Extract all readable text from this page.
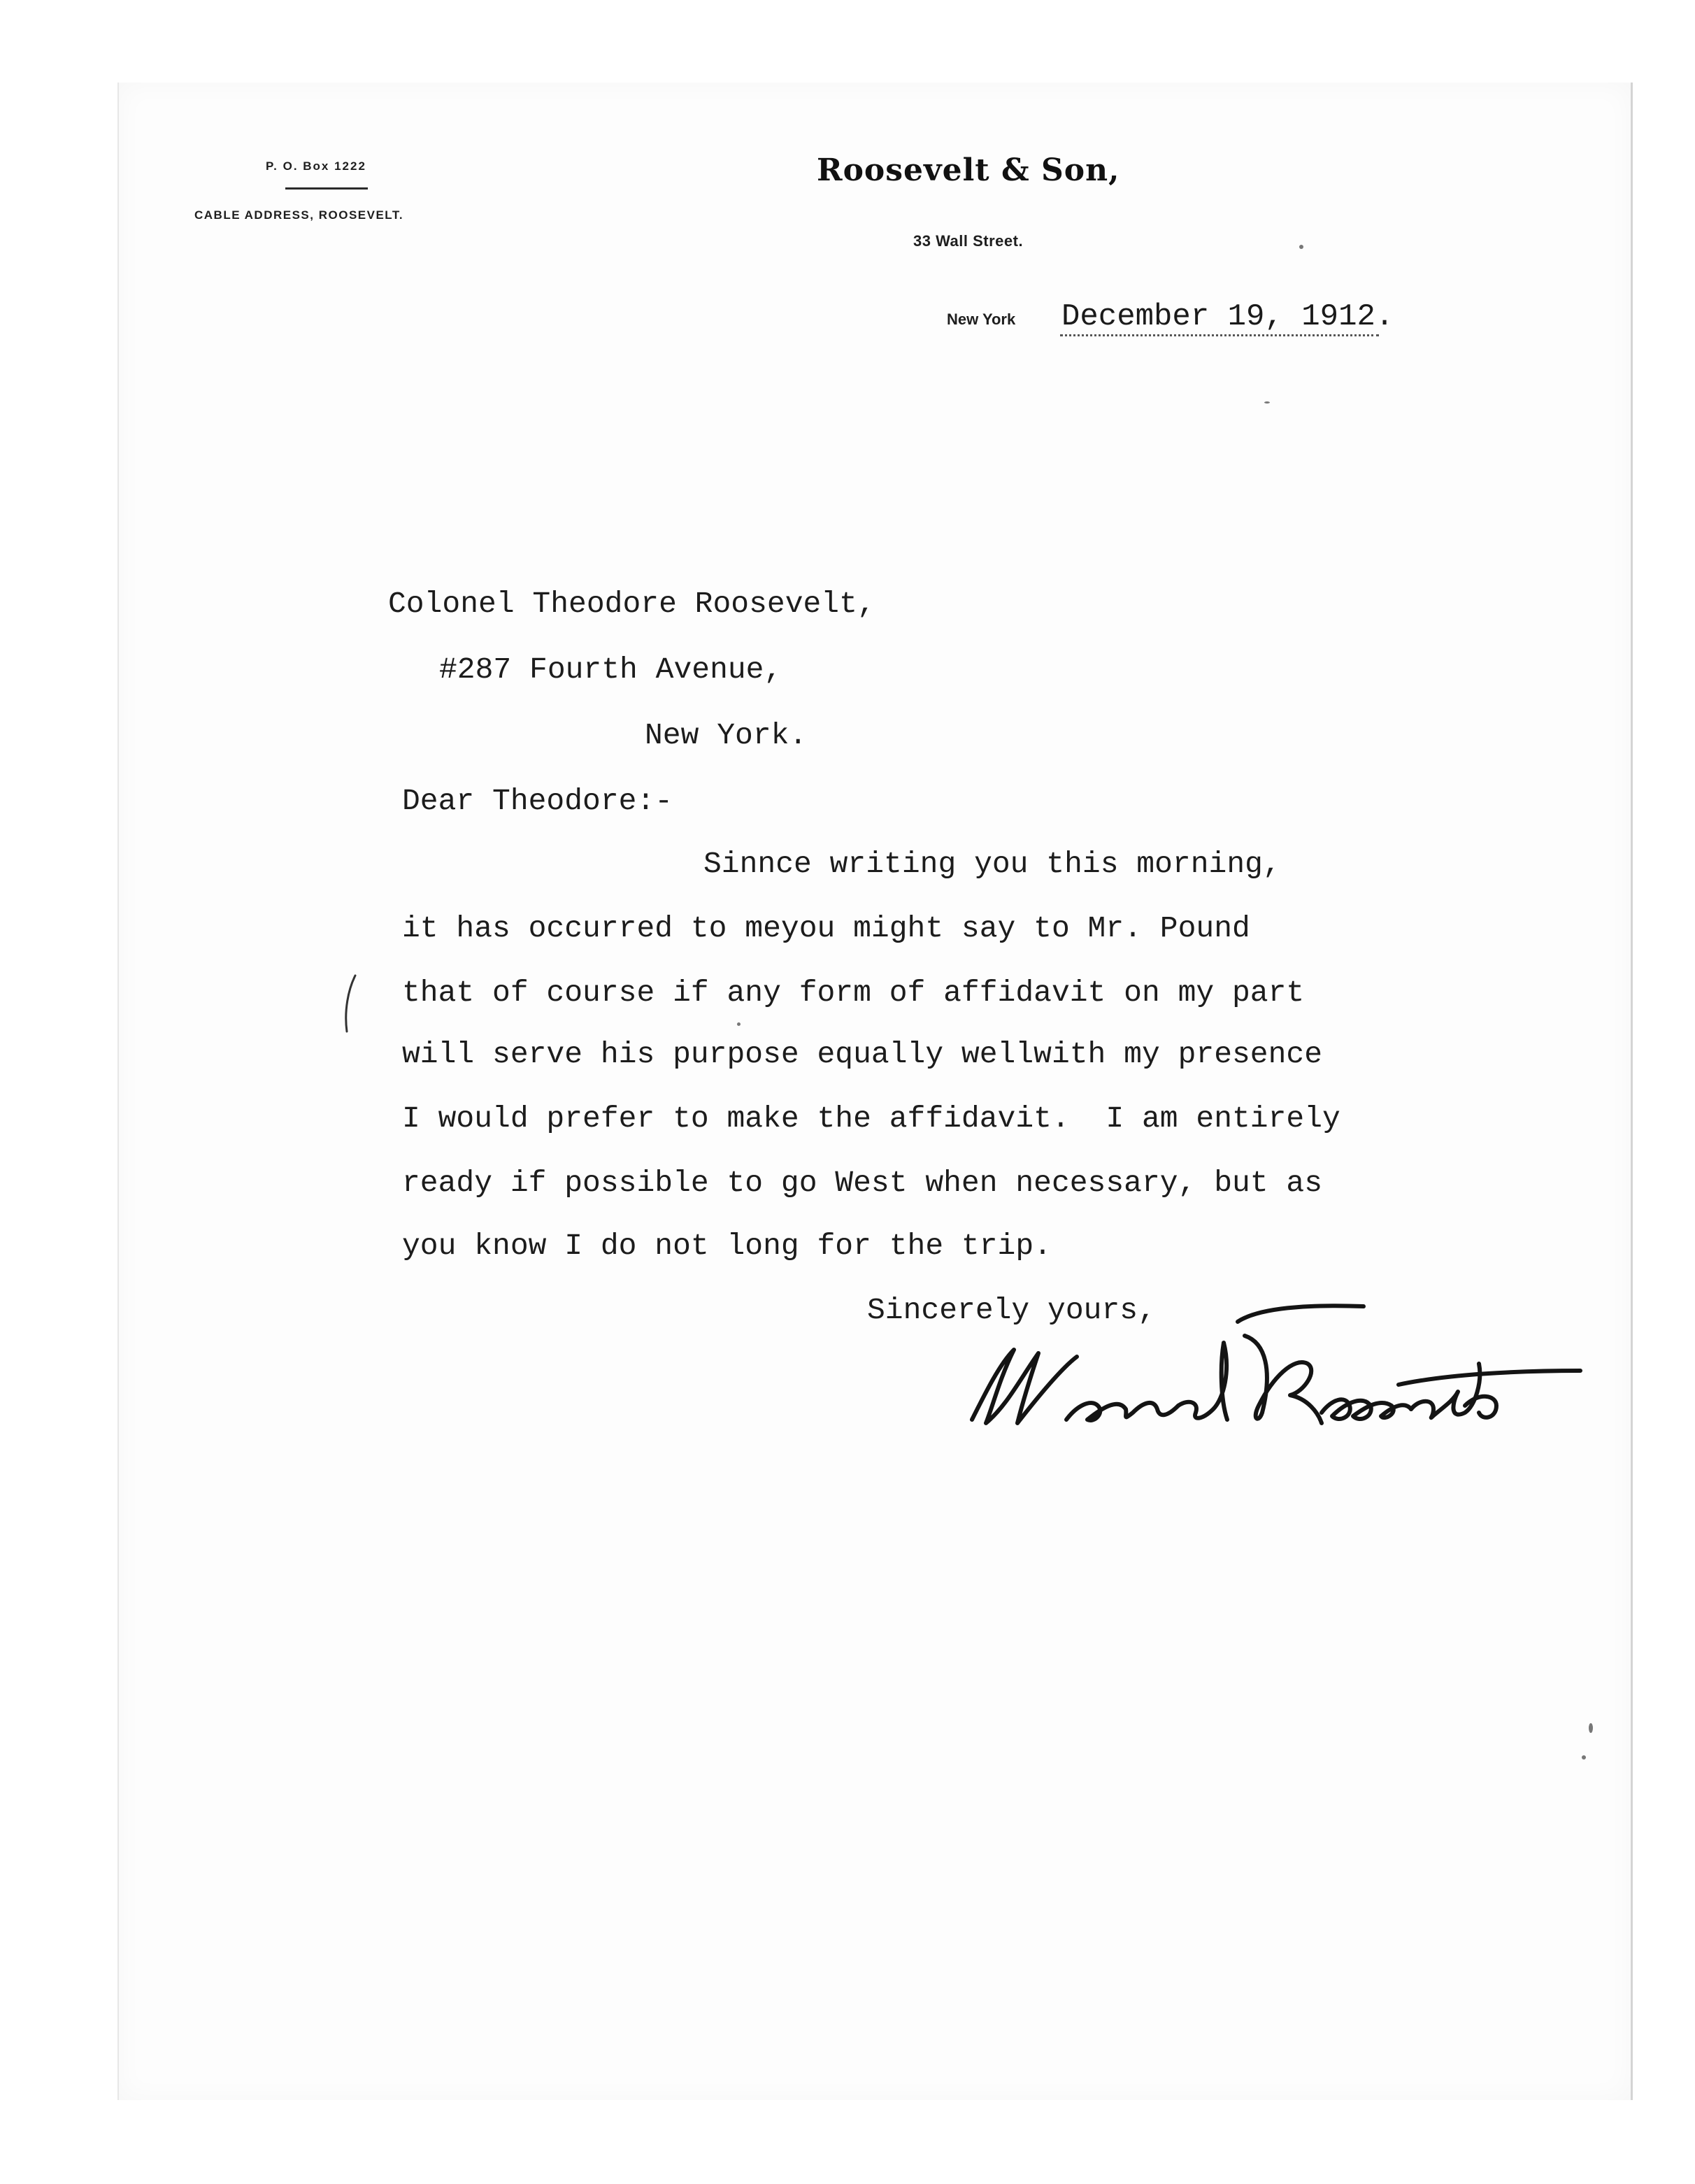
P. O. Box 1222
CABLE ADDRESS, ROOSEVELT.
Roosevelt & Son,
33 Wall Street.
New York December 19, 1912.
Colonel Theodore Roosevelt,
#287 Fourth Avenue,
New York.
Dear Theodore:-
Sinnce writing you this morning,
it has occurred to meyou might say to Mr. Pound
that of course if any form of affidavit on my part
will serve his purpose equally wellwith my presence
I would prefer to make the affidavit.  I am entirely
ready if possible to go West when necessary, but as
you know I do not long for the trip.
Sincerely yours,
